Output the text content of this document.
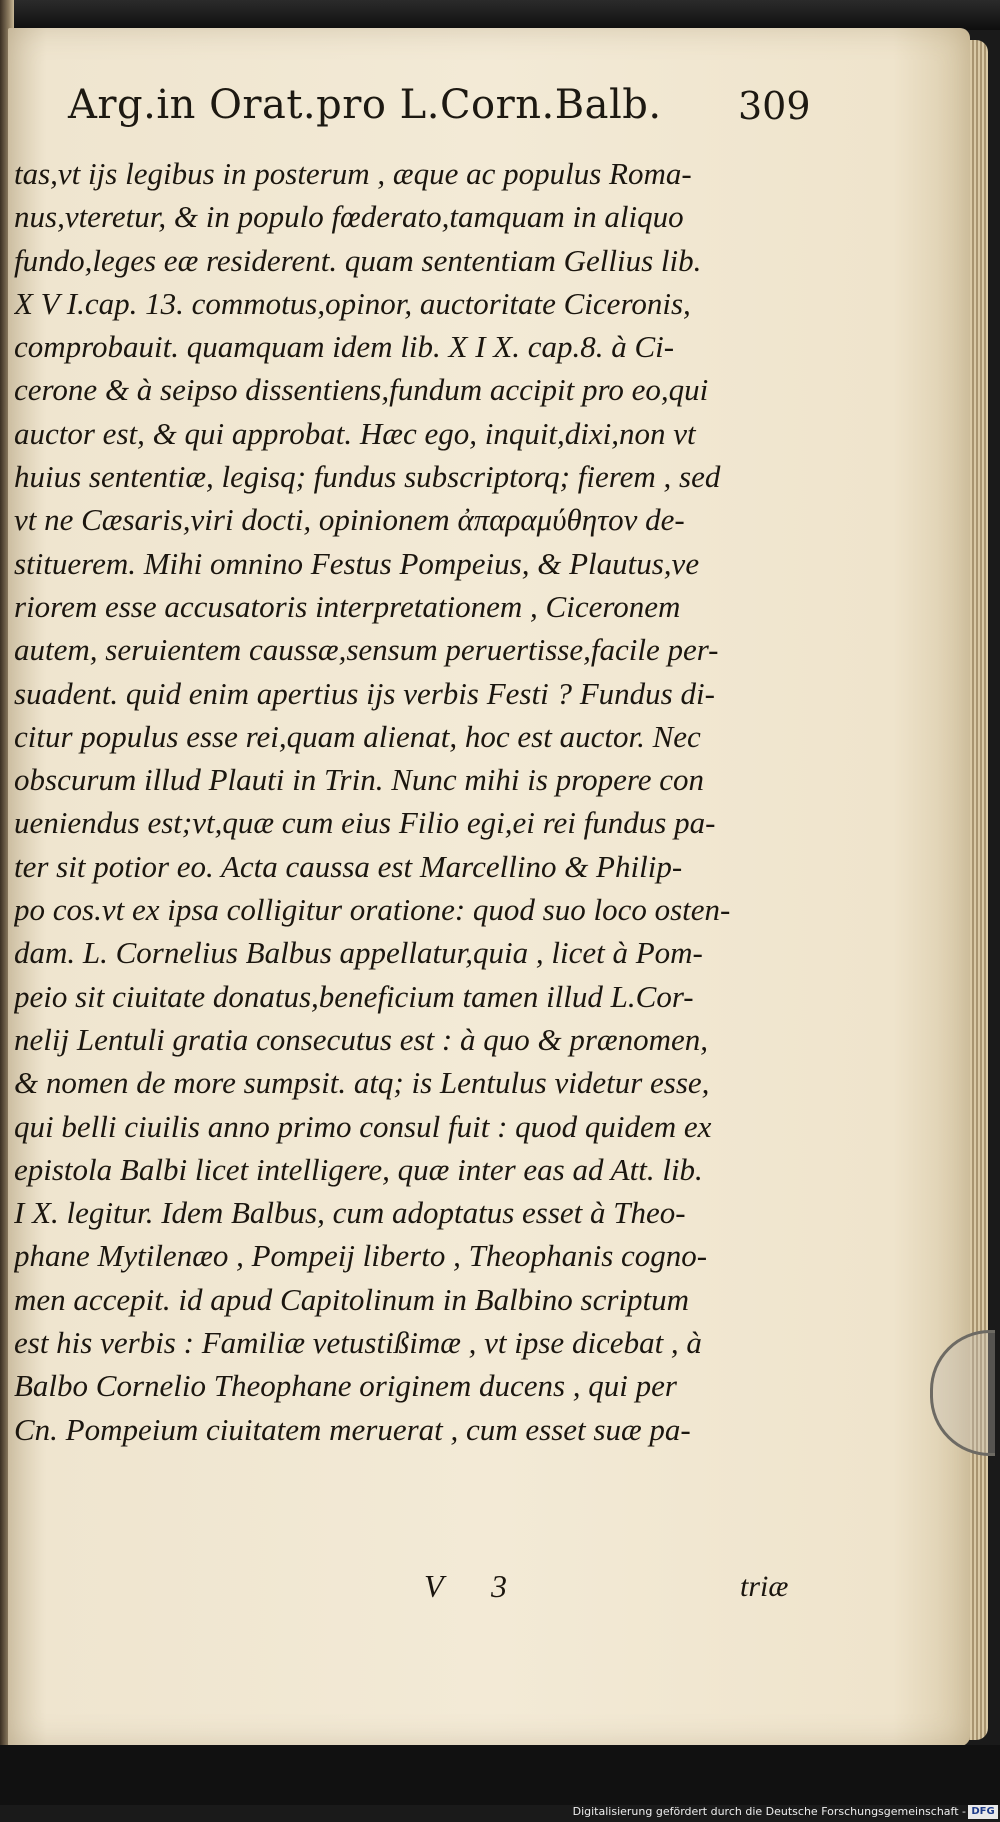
Arg.in Orat.pro L.Corn.Balb.	309
tas,vt ijs legibus in posterum , æque ac populus Roma-
nus,vteretur, & in populo fœderato,tamquam in aliquo
fundo,leges eæ residerent. quam sententiam Gellius lib.
X V I.cap. 13. commotus,opinor, auctoritate Ciceronis,
comprobauit. quamquam idem lib. X I X. cap.8. à Ci-
cerone & à seipso dissentiens,fundum accipit pro eo,qui
auctor est, & qui approbat. Hæc ego, inquit,dixi,non vt
huius sententiæ, legisq; fundus subscriptorq; fierem , sed
vt ne Cæsaris,viri docti, opinionem ἀπαραμύθητον de-
stituerem. Mihi omnino Festus Pompeius, & Plautus,ve
riorem esse accusatoris interpretationem , Ciceronem
autem, seruientem caussæ,sensum peruertisse,facile per-
suadent. quid enim apertius ijs verbis Festi ? Fundus di-
citur populus esse rei,quam alienat, hoc est auctor. Nec
obscurum illud Plauti in Trin. Nunc mihi is propere con
ueniendus est;vt,quæ cum eius Filio egi,ei rei fundus pa-
ter sit potior eo. Acta caussa est Marcellino & Philip-
po cos.vt ex ipsa colligitur oratione: quod suo loco osten-
dam. L. Cornelius Balbus appellatur,quia , licet à Pom-
peio sit ciuitate donatus,beneficium tamen illud L.Cor-
nelij Lentuli gratia consecutus est : à quo & prænomen,
& nomen de more sumpsit. atq; is Lentulus videtur esse,
qui belli ciuilis anno primo consul fuit : quod quidem ex
epistola Balbi licet intelligere, quæ inter eas ad Att. lib.
I X. legitur. Idem Balbus, cum adoptatus esset à Theo-
phane Mytilenæo , Pompeij liberto , Theophanis cogno-
men accepit. id apud Capitolinum in Balbino scriptum
est his verbis : Familiæ vetustißimæ , vt ipse dicebat , à
Balbo Cornelio Theophane originem ducens , qui per
Cn. Pompeium ciuitatem meruerat , cum esset suæ pa-
V 3	triæ
Digitalisierung gefördert durch die Deutsche Forschungsgemeinschaft - DFG
